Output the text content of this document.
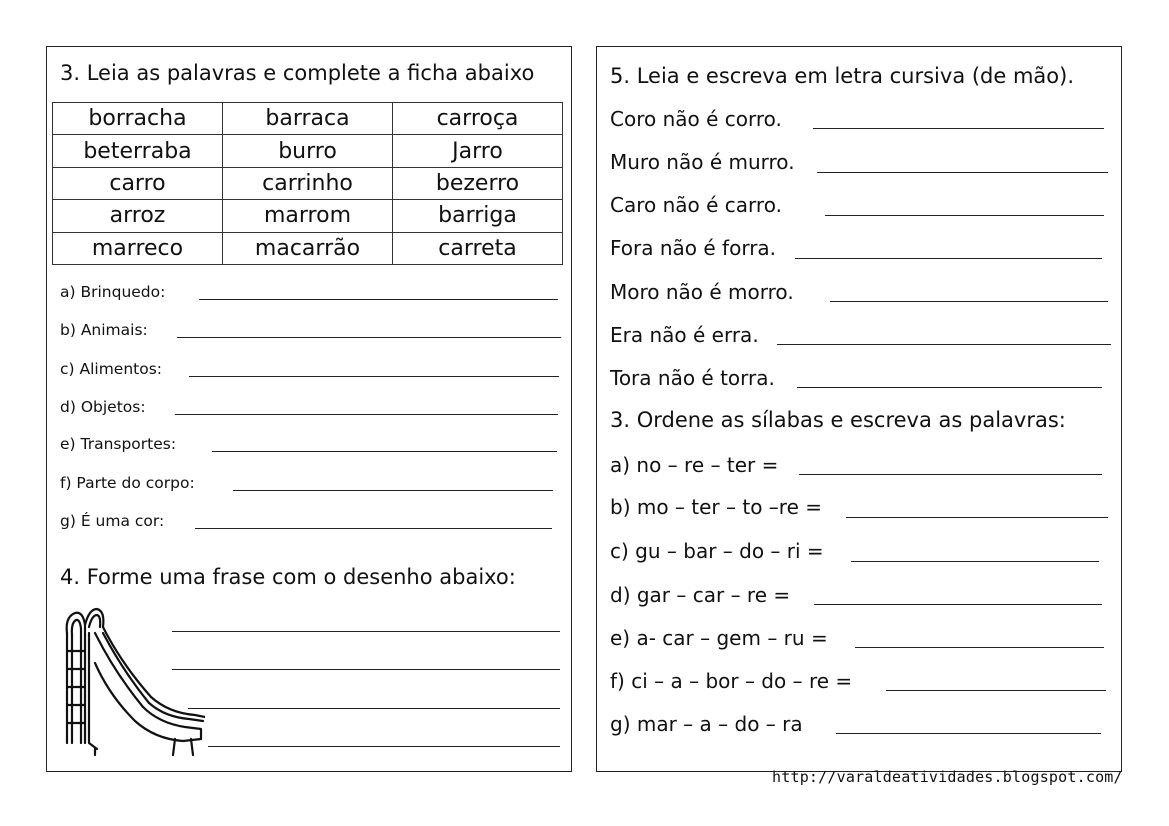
3. Leia as palavras e complete a ficha abaixo
borracha	barraca	carroça
beterraba	burro	Jarro
carro	carrinho	bezerro
arroz	marrom	barriga
marreco	macarrão	carreta
a) Brinquedo:
b) Animais:
c) Alimentos:
d) Objetos:
e) Transportes:
f) Parte do corpo:
g) É uma cor:
4. Forme uma frase com o desenho abaixo:
5. Leia e escreva em letra cursiva (de mão).
Coro não é corro.
Muro não é murro.
Caro não é carro.
Fora não é forra.
Moro não é morro.
Era não é erra.
Tora não é torra.
3. Ordene as sílabas e escreva as palavras:
a) no – re – ter =
b) mo – ter – to –re =
c) gu – bar – do – ri =
d) gar – car – re =
e) a- car – gem – ru =
f) ci – a – bor – do – re =
g) mar – a – do – ra
http://varaldeatividades.blogspot.com/
